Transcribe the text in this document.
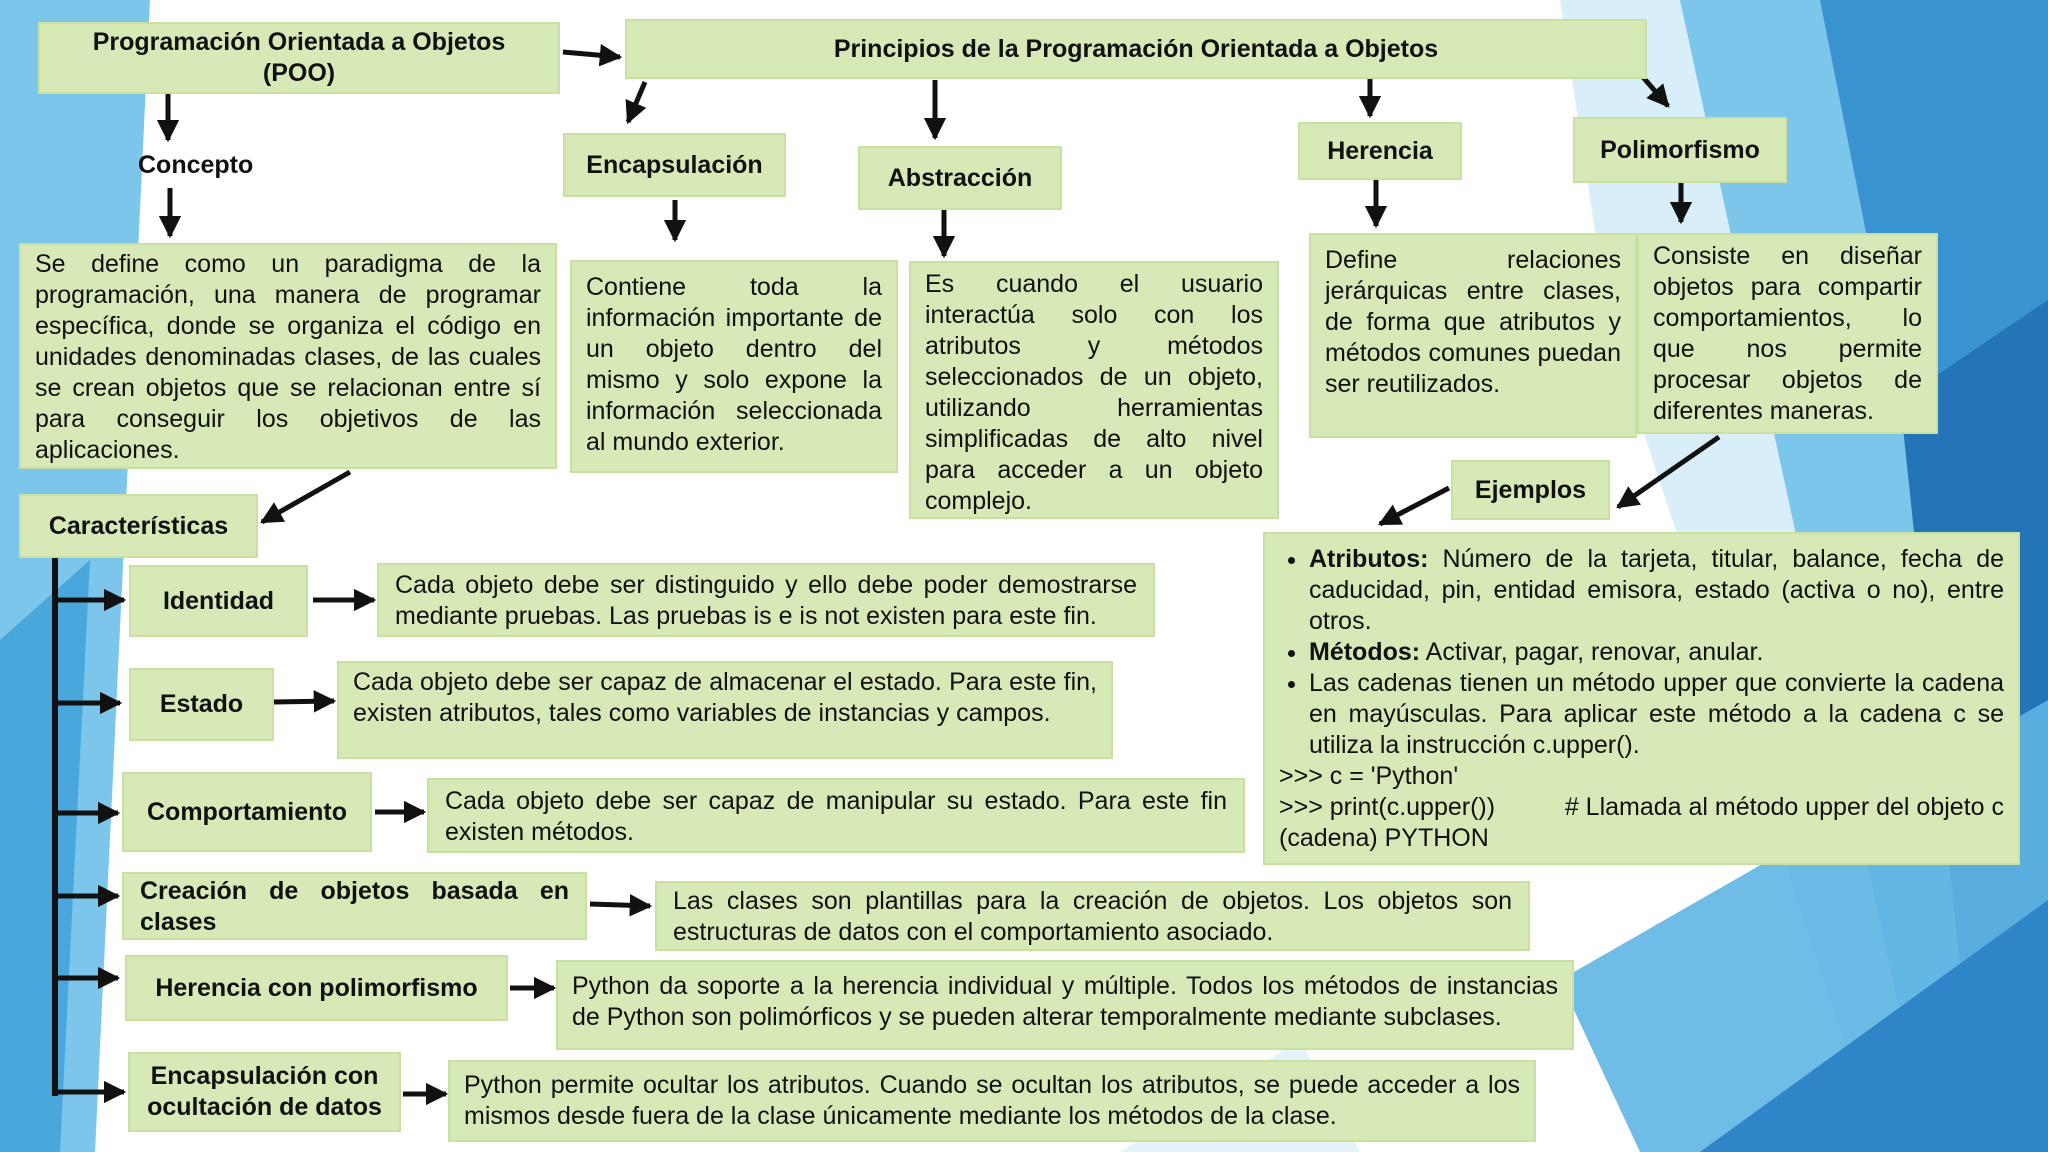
Programación Orientada a Objetos (POO)
Principios de la Programación Orientada a Objetos
Concepto
Se define como un paradigma de la programación, una manera de programar específica, donde se organiza el código en unidades denominadas clases, de las cuales se crean objetos que se relacionan entre sí para conseguir los objetivos de las aplicaciones.
Encapsulación
Contiene toda la información importante de un objeto dentro del mismo y solo expone la información seleccionada al mundo exterior.
Abstracción
Es cuando el usuario interactúa solo con los atributos y métodos seleccionados de un objeto, utilizando herramientas simplificadas de alto nivel para acceder a un objeto complejo.
Herencia
Define relaciones jerárquicas entre clases, de forma que atributos y métodos comunes puedan ser reutilizados.
Polimorfismo
Consiste en diseñar objetos para compartir comportamientos, lo que nos permite procesar objetos de diferentes maneras.
Ejemplos
• Atributos: Número de la tarjeta, titular, balance, fecha de caducidad, pin, entidad emisora, estado (activa o no), entre otros.
• Métodos: Activar, pagar, renovar, anular.
• Las cadenas tienen un método upper que convierte la cadena en mayúsculas. Para aplicar este método a la cadena c se utiliza la instrucción c.upper().
>>> c = 'Python'
>>> print(c.upper())	# Llamada al método upper del objeto c
(cadena) PYTHON
Características
Identidad
Cada objeto debe ser distinguido y ello debe poder demostrarse mediante pruebas. Las pruebas is e is not existen para este fin.
Estado
Cada objeto debe ser capaz de almacenar el estado. Para este fin, existen atributos, tales como variables de instancias y campos.
Comportamiento	Cada objeto debe ser capaz de manipular su estado. Para este fin existen métodos.
Creación de objetos basada en clases
Las clases son plantillas para la creación de objetos. Los objetos son estructuras de datos con el comportamiento asociado.
Herencia con polimorfismo	Python da soporte a la herencia individual y múltiple. Todos los métodos de instancias de Python son polimórficos y se pueden alterar temporalmente mediante subclases.
Encapsulación con ocultación de datos
Python permite ocultar los atributos. Cuando se ocultan los atributos, se puede acceder a los mismos desde fuera de la clase únicamente mediante los métodos de la clase.
